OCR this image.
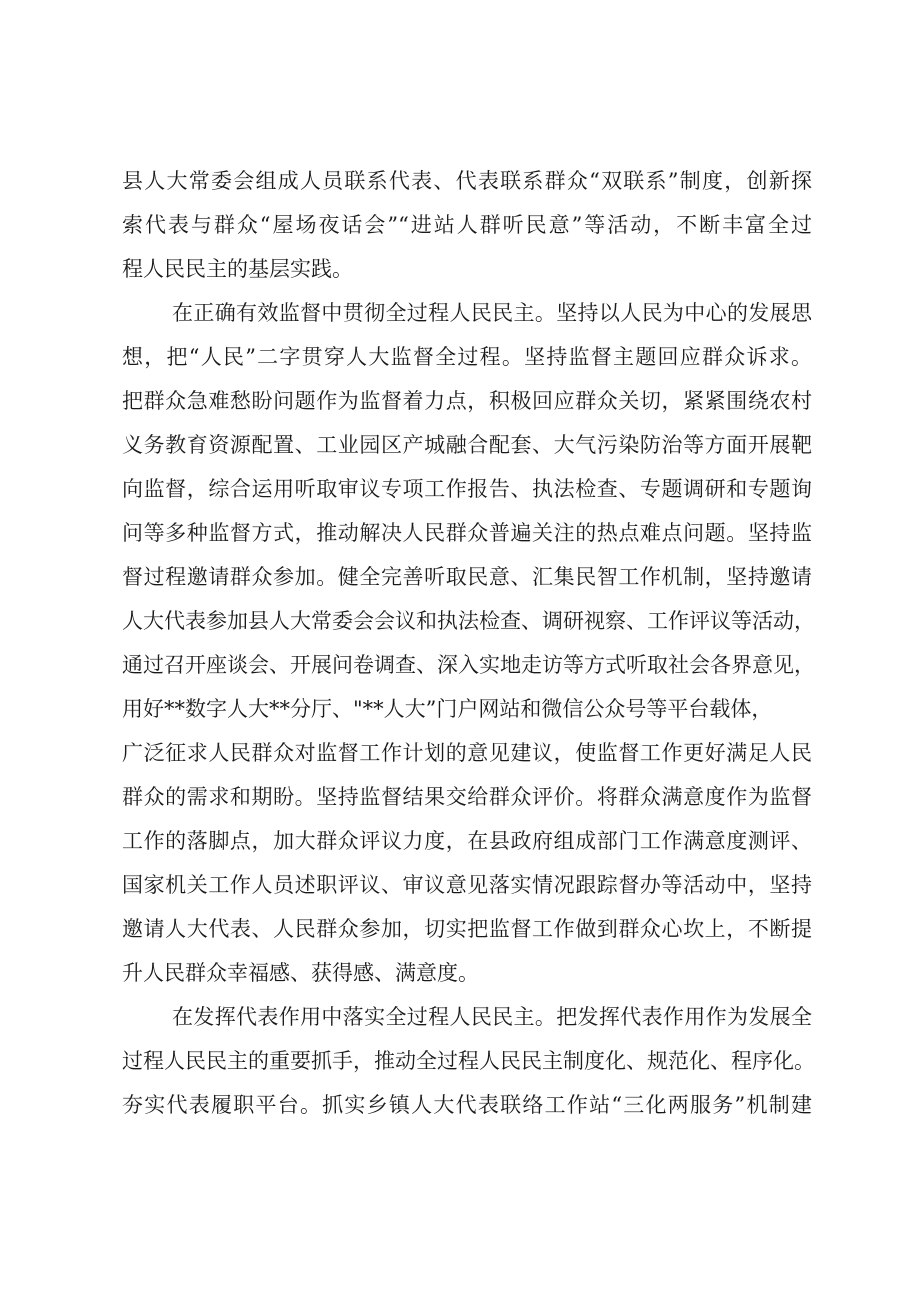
县人大常委会组成人员联系代表、代表联系群众“双联系”制度，创新探
索代表与群众“屋场夜话会”“进站人群听民意”等活动，不断丰富全过
程人民民主的基层实践。
在正确有效监督中贯彻全过程人民民主。坚持以人民为中心的发展思
想，把“人民”二字贯穿人大监督全过程。坚持监督主题回应群众诉求。
把群众急难愁盼问题作为监督着力点，积极回应群众关切，紧紧围绕农村
义务教育资源配置、工业园区产城融合配套、大气污染防治等方面开展靶
向监督，综合运用听取审议专项工作报告、执法检查、专题调研和专题询
问等多种监督方式，推动解决人民群众普遍关注的热点难点问题。坚持监
督过程邀请群众参加。健全完善听取民意、汇集民智工作机制，坚持邀请
人大代表参加县人大常委会会议和执法检查、调研视察、工作评议等活动，
通过召开座谈会、开展问卷调查、深入实地走访等方式听取社会各界意见，
用好**数字人大**分厅、"**人大”门户网站和微信公众号等平台载体，
广泛征求人民群众对监督工作计划的意见建议，使监督工作更好满足人民
群众的需求和期盼。坚持监督结果交给群众评价。将群众满意度作为监督
工作的落脚点，加大群众评议力度，在县政府组成部门工作满意度测评、
国家机关工作人员述职评议、审议意见落实情况跟踪督办等活动中，坚持
邀请人大代表、人民群众参加，切实把监督工作做到群众心坎上，不断提
升人民群众幸福感、获得感、满意度。
在发挥代表作用中落实全过程人民民主。把发挥代表作用作为发展全
过程人民民主的重要抓手，推动全过程人民民主制度化、规范化、程序化。
夯实代表履职平台。抓实乡镇人大代表联络工作站“三化两服务”机制建
